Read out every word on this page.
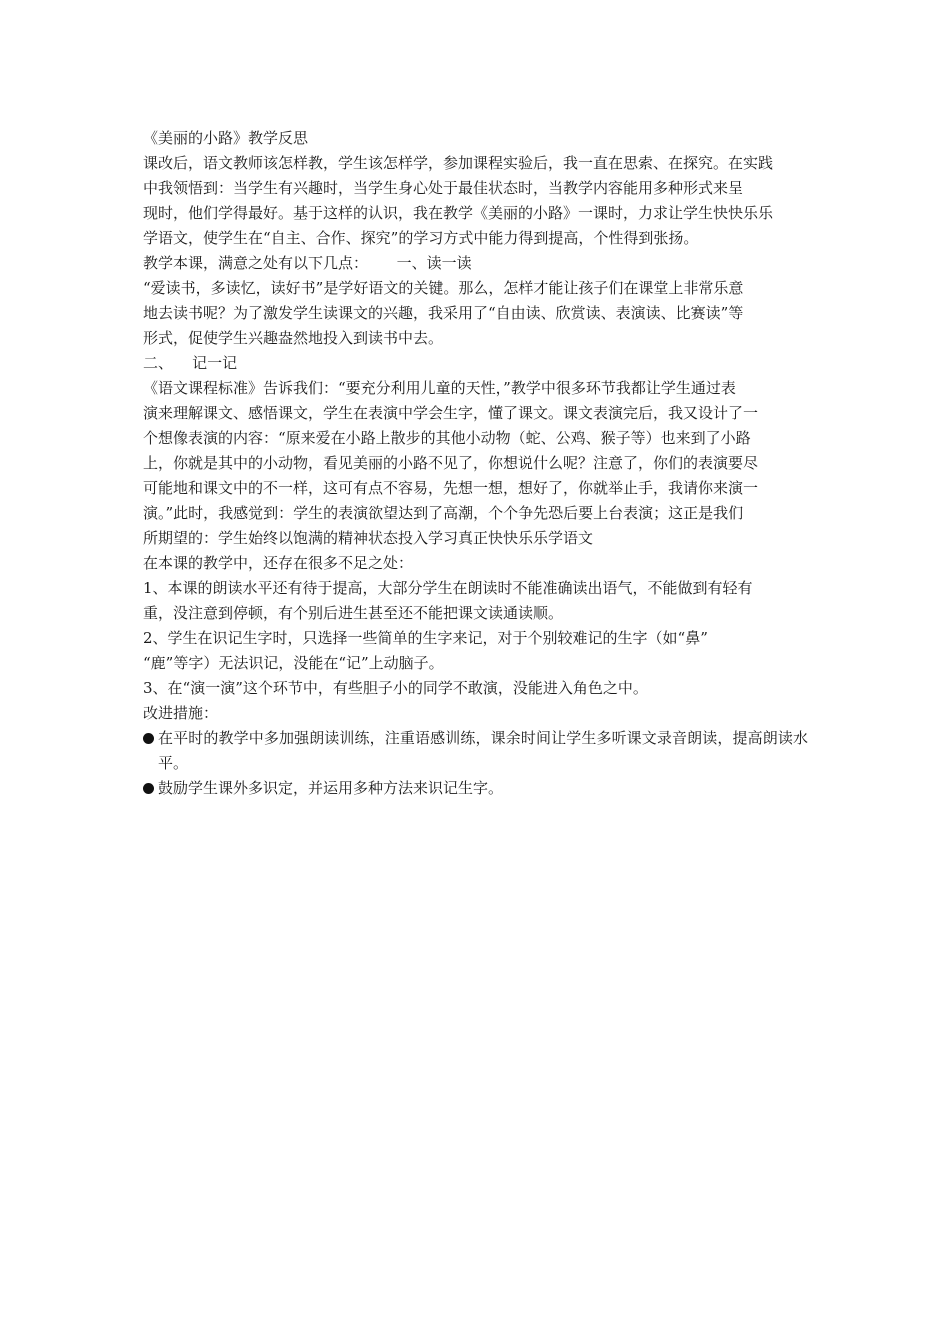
《美丽的小路》教学反思

课改后，语文教师该怎样教，学生该怎样学，参加课程实验后，我一直在思索、在探究。在实践

中我领悟到：当学生有兴趣时，当学生身心处于最佳状态时，当教学内容能用多种形式来呈

现时，他们学得最好。基于这样的认识，我在教学《美丽的小路》一课时，力求让学生快快乐乐

学语文，使学生在“自主、合作、探究”的学习方式中能力得到提高，个性得到张扬。

教学本课，满意之处有以下几点：      一、读一读

“爱读书，多读忆，读好书”是学好语文的关键。那么，怎样才能让孩子们在课堂上非常乐意

地去读书呢？为了激发学生读课文的兴趣，我采用了“自由读、欣赏读、表演读、比赛读”等

形式，促使学生兴趣盎然地投入到读书中去。

二、    记一记

《语文课程标准》告诉我们：“要充分利用儿童的天性，”教学中很多环节我都让学生通过表

演来理解课文、感悟课文，学生在表演中学会生字，懂了课文。课文表演完后，我又设计了一

个想像表演的内容：“原来爱在小路上散步的其他小动物（蛇、公鸡、猴子等）也来到了小路

上，你就是其中的小动物，看见美丽的小路不见了，你想说什么呢？注意了，你们的表演要尽

可能地和课文中的不一样，这可有点不容易，先想一想，想好了，你就举止手，我请你来演一

演。”此时，我感觉到：学生的表演欲望达到了高潮，个个争先恐后要上台表演；这正是我们

所期望的：学生始终以饱满的精神状态投入学习真正快快乐乐学语文

在本课的教学中，还存在很多不足之处：

1、本课的朗读水平还有待于提高，大部分学生在朗读时不能准确读出语气，不能做到有轻有

重，没注意到停顿，有个别后进生甚至还不能把课文读通读顺。

2、学生在识记生字时，只选择一些简单的生字来记，对于个别较难记的生字（如“鼻”

“鹿”等字）无法识记，没能在“记”上动脑子。

3、在“演一演”这个环节中，有些胆子小的同学不敢演，没能进入角色之中。

改进措施：

在平时的教学中多加强朗读训练，注重语感训练，课余时间让学生多听课文录音朗读，提高朗读水平。
鼓励学生课外多识定，并运用多种方法来识记生字。
